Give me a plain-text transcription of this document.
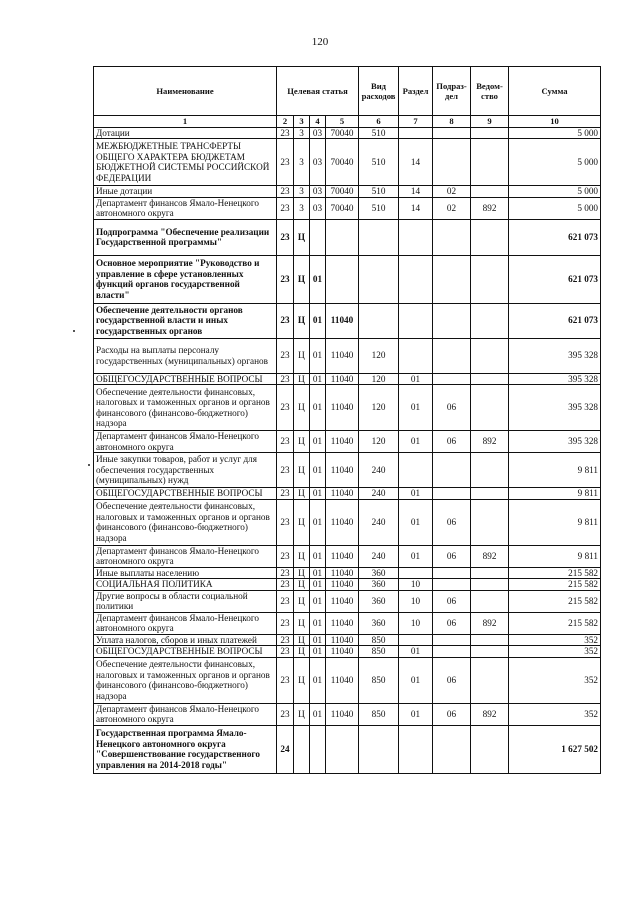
120
Наименование	Целевая статья				Вид расходов	Раздел	Подраз-дел	Ведом-ство	Сумма
1	2	3	4	5	6	7	8	9	10
Дотации	23	3	03	70040	510				5 000
МЕЖБЮДЖЕТНЫЕ ТРАНСФЕРТЫ ОБЩЕГО ХАРАКТЕРА БЮДЖЕТАМ БЮДЖЕТНОЙ СИСТЕМЫ РОССИЙСКОЙ ФЕДЕРАЦИИ	23	3	03	70040	510	14			5 000
Иные дотации	23	3	03	70040	510	14	02		5 000
Департамент финансов Ямало-Ненецкого автономного округа	23	3	03	70040	510	14	02	892	5 000
Подпрограмма "Обеспечение реализации Государственной программы"	23	Ц							621 073
Основное мероприятие "Руководство и управление в сфере установленных функций органов государственной власти"	23	Ц	01						621 073
Обеспечение деятельности органов государственной власти и иных государственных органов	23	Ц	01	11040					621 073
Расходы на выплаты персоналу государственных (муниципальных) органов	23	Ц	01	11040	120				395 328
ОБЩЕГОСУДАРСТВЕННЫЕ ВОПРОСЫ	23	Ц	01	11040	120	01			395 328
Обеспечение деятельности финансовых, налоговых и таможенных органов и органов финансового (финансово-бюджетного) надзора	23	Ц	01	11040	120	01	06		395 328
Департамент финансов Ямало-Ненецкого автономного округа	23	Ц	01	11040	120	01	06	892	395 328
Иные закупки товаров, работ и услуг для обеспечения государственных (муниципальных) нужд	23	Ц	01	11040	240				9 811
ОБЩЕГОСУДАРСТВЕННЫЕ ВОПРОСЫ	23	Ц	01	11040	240	01			9 811
Обеспечение деятельности финансовых, налоговых и таможенных органов и органов финансового (финансово-бюджетного) надзора	23	Ц	01	11040	240	01	06		9 811
Департамент финансов Ямало-Ненецкого автономного округа	23	Ц	01	11040	240	01	06	892	9 811
Иные выплаты населению	23	Ц	01	11040	360				215 582
СОЦИАЛЬНАЯ ПОЛИТИКА	23	Ц	01	11040	360	10			215 582
Другие вопросы в области социальной политики	23	Ц	01	11040	360	10	06		215 582
Департамент финансов Ямало-Ненецкого автономного округа	23	Ц	01	11040	360	10	06	892	215 582
Уплата налогов, сборов и иных платежей	23	Ц	01	11040	850				352
ОБЩЕГОСУДАРСТВЕННЫЕ ВОПРОСЫ	23	Ц	01	11040	850	01			352
Обеспечение деятельности финансовых, налоговых и таможенных органов и органов финансового (финансово-бюджетного) надзора	23	Ц	01	11040	850	01	06		352
Департамент финансов Ямало-Ненецкого автономного округа	23	Ц	01	11040	850	01	06	892	352
Государственная программа Ямало-Ненецкого автономного округа "Совершенствование государственного управления на 2014-2018 годы"	24								1 627 502
